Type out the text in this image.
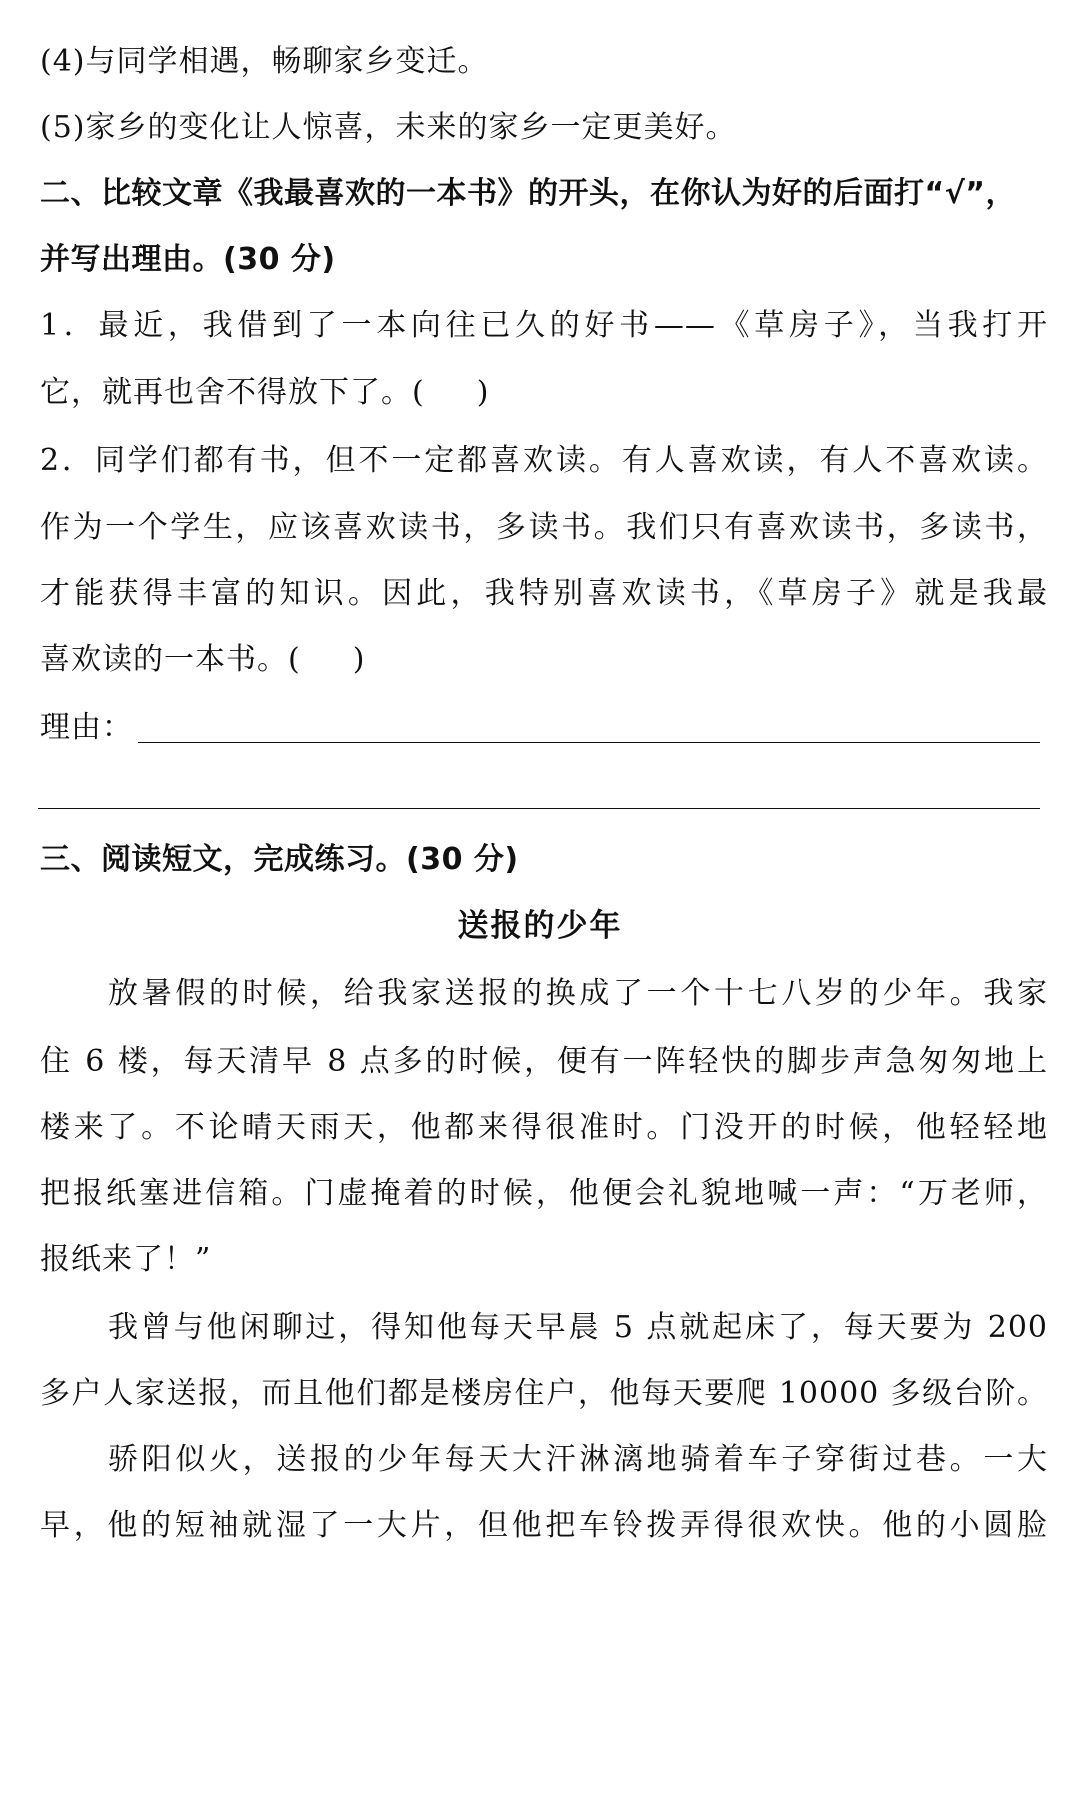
(4)与同学相遇，畅聊家乡变迁。
(5)家乡的变化让人惊喜，未来的家乡一定更美好。
二、比较文章《我最喜欢的一本书》的开头，在你认为好的后面打“√”，
并写出理由。(30 分)
1．最近，我借到了一本向往已久的好书——《草房子》，当我打开
它，就再也舍不得放下了。( )
2．同学们都有书，但不一定都喜欢读。有人喜欢读，有人不喜欢读。
作为一个学生，应该喜欢读书，多读书。我们只有喜欢读书，多读书，
才能获得丰富的知识。因此，我特别喜欢读书，《草房子》就是我最
喜欢读的一本书。( )
理由：
三、阅读短文，完成练习。(30 分)
送报的少年
放暑假的时候，给我家送报的换成了一个十七八岁的少年。我家
住 6 楼，每天清早 8 点多的时候，便有一阵轻快的脚步声急匆匆地上
楼来了。不论晴天雨天，他都来得很准时。门没开的时候，他轻轻地
把报纸塞进信箱。门虚掩着的时候，他便会礼貌地喊一声：“万老师，
报纸来了！”
我曾与他闲聊过，得知他每天早晨 5 点就起床了，每天要为 200
多户人家送报，而且他们都是楼房住户，他每天要爬 10000 多级台阶。
骄阳似火，送报的少年每天大汗淋漓地骑着车子穿街过巷。一大
早，他的短袖就湿了一大片，但他把车铃拨弄得很欢快。他的小圆脸
